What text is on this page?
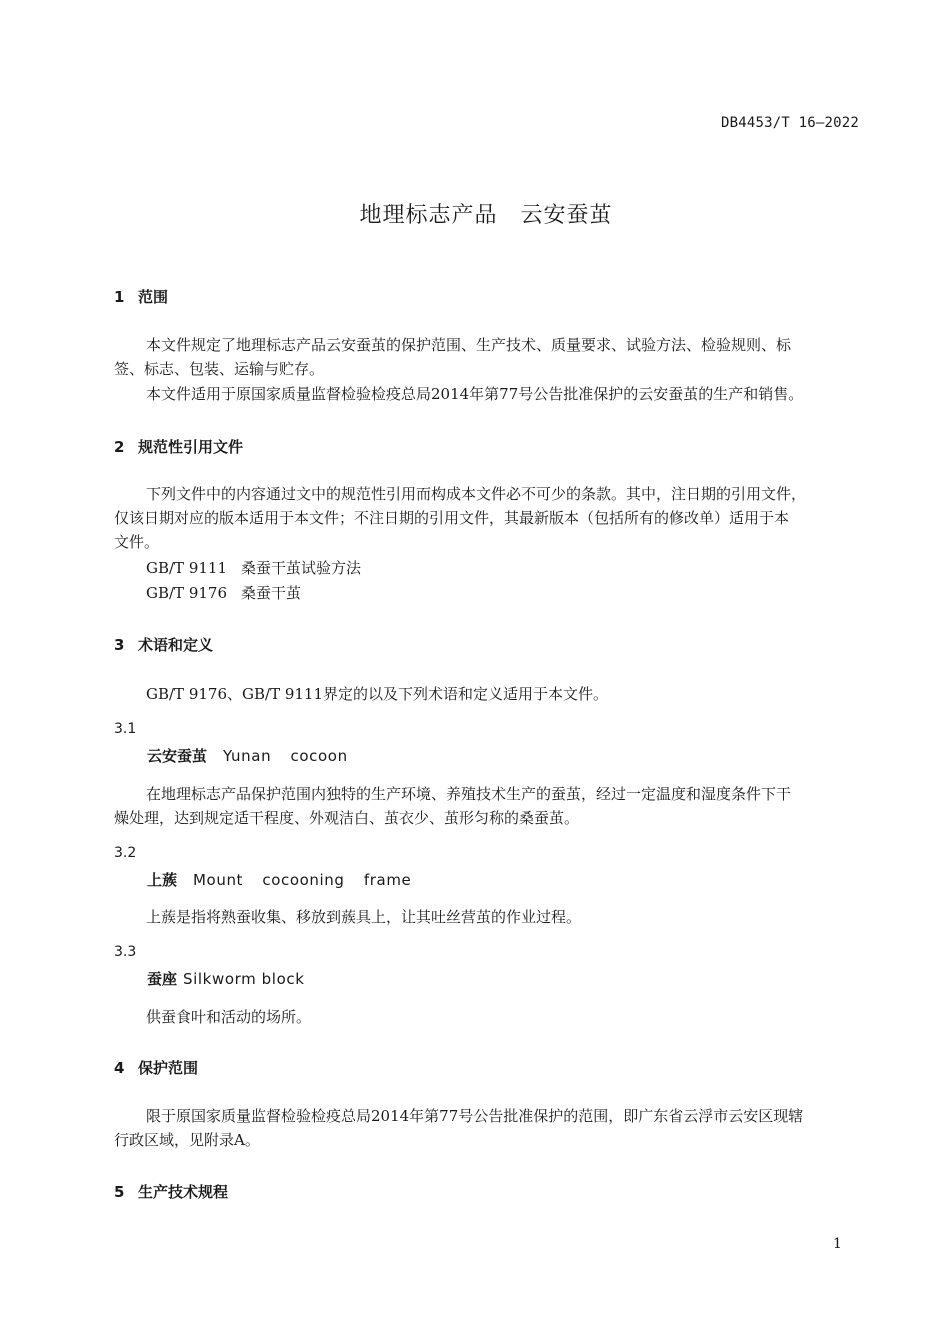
DB4453/T 16—2022
地理标志产品　云安蚕茧
1 范围
本文件规定了地理标志产品云安蚕茧的保护范围、生产技术、质量要求、试验方法、检验规则、标
签、标志、包装、运输与贮存。
本文件适用于原国家质量监督检验检疫总局2014年第77号公告批准保护的云安蚕茧的生产和销售。
2 规范性引用文件
下列文件中的内容通过文中的规范性引用而构成本文件必不可少的条款。其中，注日期的引用文件，
仅该日期对应的版本适用于本文件；不注日期的引用文件，其最新版本（包括所有的修改单）适用于本
文件。
GB/T 9111 桑蚕干茧试验方法
GB/T 9176 桑蚕干茧
3 术语和定义
GB/T 9176、GB/T 9111界定的以及下列术语和定义适用于本文件。
3.1
云安蚕茧 Yunan cocoon
在地理标志产品保护范围内独特的生产环境、养殖技术生产的蚕茧，经过一定温度和湿度条件下干
燥处理，达到规定适干程度、外观洁白、茧衣少、茧形匀称的桑蚕茧。
3.2
上蔟 Mount cocooning frame
上蔟是指将熟蚕收集、移放到蔟具上，让其吐丝营茧的作业过程。
3.3
蚕座 Silkworm block
供蚕食叶和活动的场所。
4 保护范围
限于原国家质量监督检验检疫总局2014年第77号公告批准保护的范围，即广东省云浮市云安区现辖
行政区域，见附录A。
5 生产技术规程
1
